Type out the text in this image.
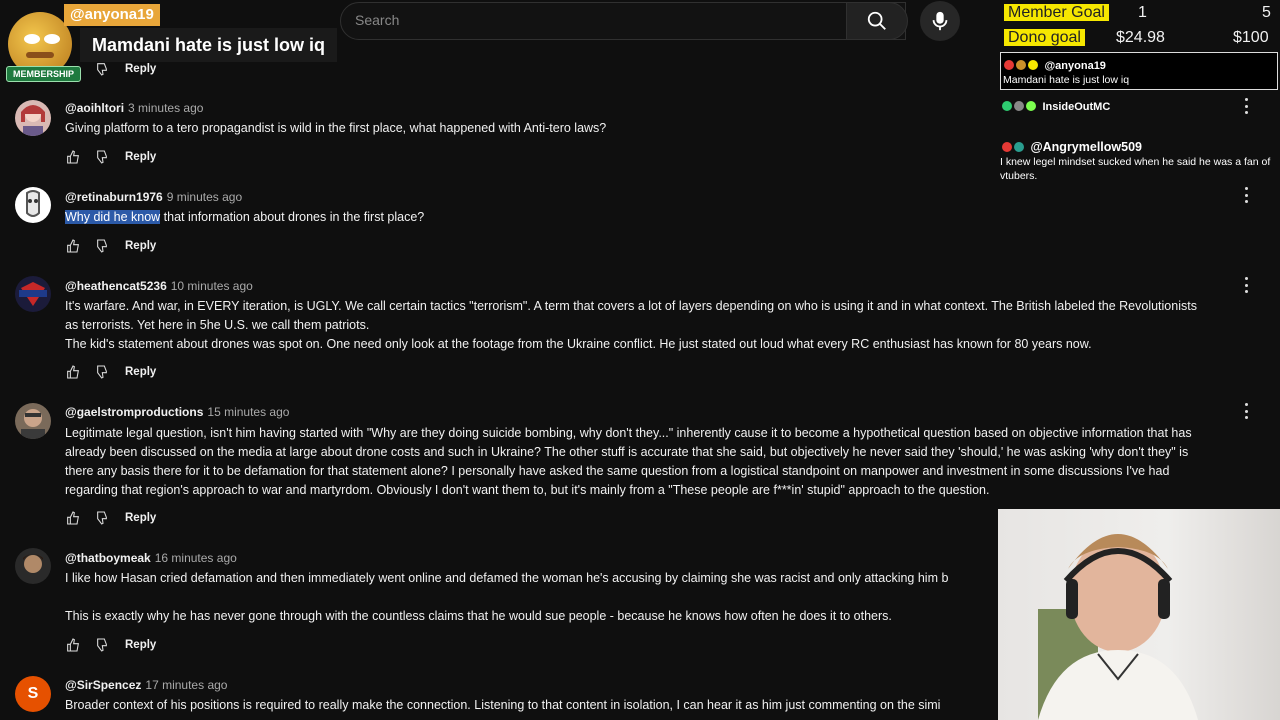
Search
Reply
MEMBERSHIP
@anyona19
Mamdani hate is just low iq
@aoihltori 3 minutes ago
Giving platform to a tero propagandist is wild in the first place, what happened with Anti-tero laws?
Reply
@retinaburn1976 9 minutes ago
Why did he know that information about drones in the first place?
Reply
@heathencat5236 10 minutes ago
It's warfare. And war, in EVERY iteration, is UGLY. We call certain tactics "terrorism". A term that covers a lot of layers depending on who is using it and in what context. The British labeled the Revolutionists
as terrorists. Yet here in 5he U.S. we call them patriots.
The kid's statement about drones was spot on. One need only look at the footage from the Ukraine conflict. He just stated out loud what every RC enthusiast has known for 80 years now.
Reply
@gaelstromproductions 15 minutes ago
Legitimate legal question, isn't him having started with "Why are they doing suicide bombing, why don't they..." inherently cause it to become a hypothetical question based on objective information that has
already been discussed on the media at large about drone costs and such in Ukraine? The other stuff is accurate that she said, but objectively he never said they 'should,' he was asking 'why don't they" is
there any basis there for it to be defamation for that statement alone? I personally have asked the same question from a logistical standpoint on manpower and investment in some discussions I've had
regarding that region's approach to war and martyrdom. Obviously I don't want them to, but it's mainly from a "These people are f***in' stupid" approach to the question.
Reply
@thatboymeak 16 minutes ago
I like how Hasan cried defamation and then immediately went online and defamed the woman he's accusing by claiming she was racist and only attacking him b
This is exactly why he has never gone through with the countless claims that he would sue people - because he knows how often he does it to others.
Reply
S @SirSpencez 17 minutes ago
Broader context of his positions is required to really make the connection. Listening to that content in isolation, I can hear it as him just commenting on the simi
Member Goal 1	5
Dono goal $24.98	$100
@anyona19
Mamdani hate is just low iq
InsideOutMC
@Angrymellow509
I knew legel mindset sucked when he said he was a fan of vtubers.
